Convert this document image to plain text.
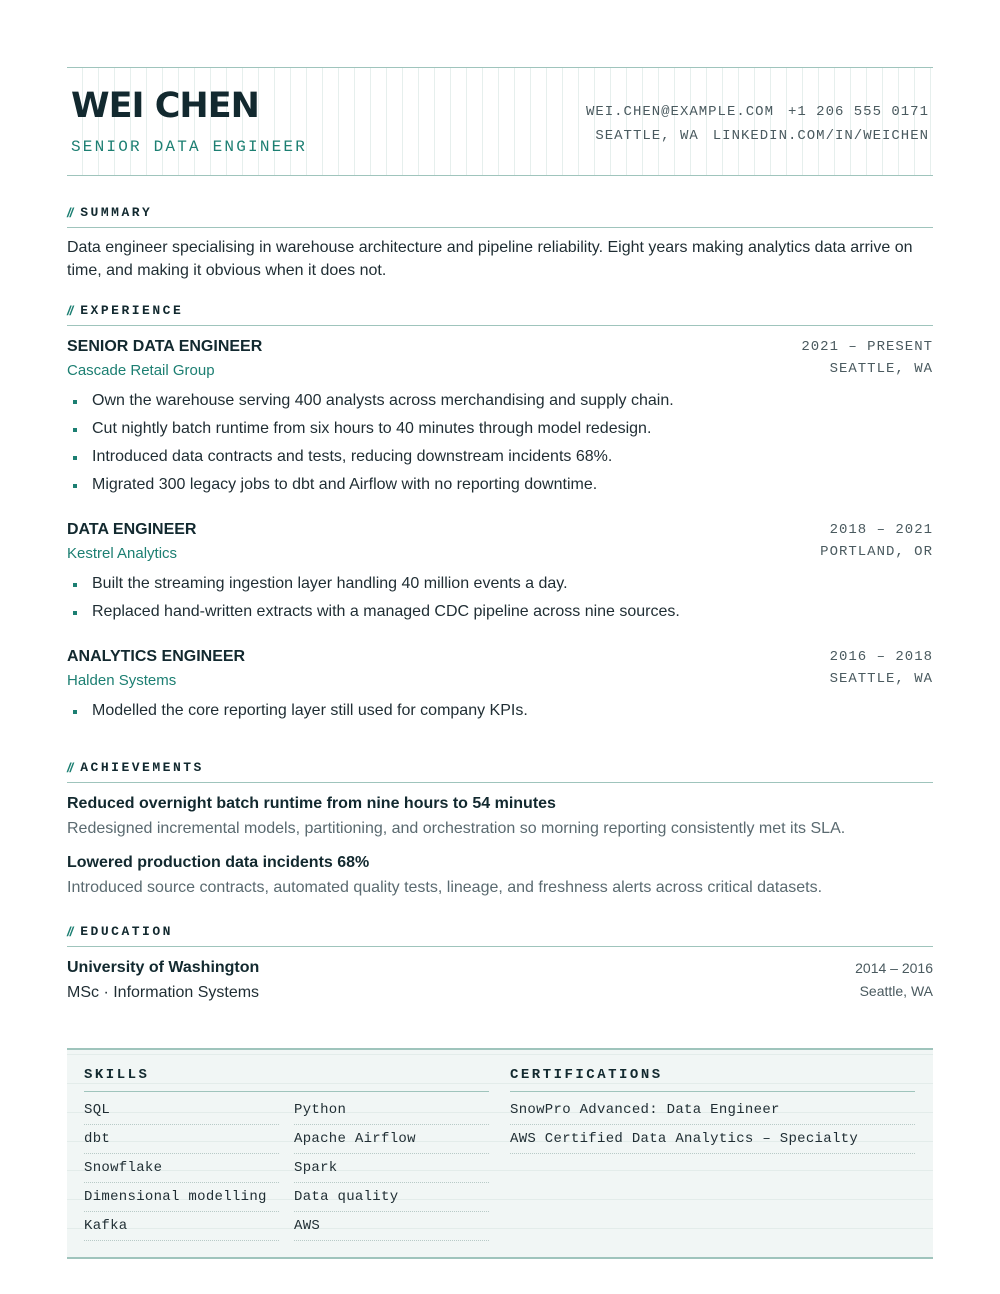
WEI CHEN
SENIOR DATA ENGINEER
WEI.CHEN@EXAMPLE.COM +1 206 555 0171
SEATTLE, WA LINKEDIN.COM/IN/WEICHEN
// SUMMARY

Data engineer specialising in warehouse architecture and pipeline reliability. Eight years making analytics data arrive on time, and making it obvious when it does not.

// EXPERIENCE
SENIOR DATA ENGINEER
Cascade Retail Group
2021 – PRESENT
SEATTLE, WA
Own the warehouse serving 400 analysts across merchandising and supply chain.
Cut nightly batch runtime from six hours to 40 minutes through model redesign.
Introduced data contracts and tests, reducing downstream incidents 68%.
Migrated 300 legacy jobs to dbt and Airflow with no reporting downtime.
DATA ENGINEER
Kestrel Analytics
2018 – 2021
PORTLAND, OR
Built the streaming ingestion layer handling 40 million events a day.
Replaced hand-written extracts with a managed CDC pipeline across nine sources.
ANALYTICS ENGINEER
Halden Systems
2016 – 2018
SEATTLE, WA
Modelled the core reporting layer still used for company KPIs.
// ACHIEVEMENTS
Reduced overnight batch runtime from nine hours to 54 minutes
Redesigned incremental models, partitioning, and orchestration so morning reporting consistently met its SLA.
Lowered production data incidents 68%
Introduced source contracts, automated quality tests, lineage, and freshness alerts across critical datasets.
// EDUCATION
University of Washington
MSc · Information Systems
2014 – 2016
Seattle, WA
SKILLS
SQL	Python
dbt	Apache Airflow
Snowflake	Spark
Dimensional modelling	Data quality
Kafka	AWS
CERTIFICATIONS
SnowPro Advanced: Data Engineer
AWS Certified Data Analytics – Specialty
